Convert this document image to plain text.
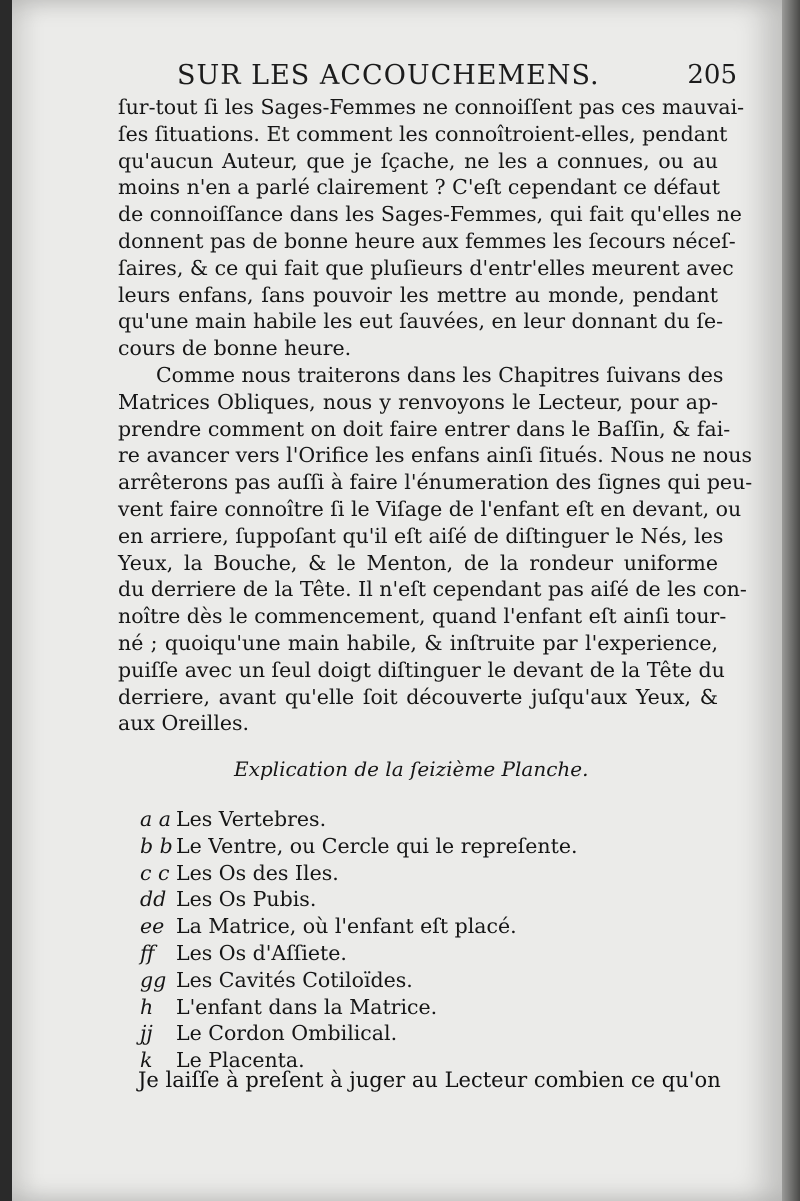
SUR LES ACCOUCHEMENS.	205
ſur-tout ſi les Sages-Femmes ne connoiſſent pas ces mauvai-
ſes ſituations. Et comment les connoîtroient-elles, pendant
qu'aucun Auteur, que je ſçache, ne les a connues, ou au
moins n'en a parlé clairement ? C'eſt cependant ce défaut
de connoiſſance dans les Sages-Femmes, qui fait qu'elles ne
donnent pas de bonne heure aux femmes les ſecours néceſ-
ſaires, & ce qui fait que pluſieurs d'entr'elles meurent avec
leurs enfans, ſans pouvoir les mettre au monde, pendant
qu'une main habile les eut ſauvées, en leur donnant du ſe-
cours de bonne heure.
Comme nous traiterons dans les Chapitres ſuivans des
Matrices Obliques, nous y renvoyons le Lecteur, pour ap-
prendre comment on doit faire entrer dans le Baſſin, & fai-
re avancer vers l'Orifice les enfans ainſi ſitués. Nous ne nous
arrêterons pas auſſi à faire l'énumeration des ſignes qui peu-
vent faire connoître ſi le Viſage de l'enfant eſt en devant, ou
en arriere, ſuppoſant qu'il eſt aiſé de diſtinguer le Nés, les
Yeux, la Bouche, & le Menton, de la rondeur uniforme
du derriere de la Tête. Il n'eſt cependant pas aiſé de les con-
noître dès le commencement, quand l'enfant eſt ainſi tour-
né ; quoiqu'une main habile, & inſtruite par l'experience,
puiſſe avec un ſeul doigt diſtinguer le devant de la Tête du
derriere, avant qu'elle ſoit découverte juſqu'aux Yeux, &
aux Oreilles.
Explication de la ſeizième Planche.
a a Les Vertebres.
b b Le Ventre, ou Cercle qui le repreſente.
c c Les Os des Iles.
dd Les Os Pubis.
ee La Matrice, où l'enfant eſt placé.
ff Les Os d'Aſſiete.
gg Les Cavités Cotiloïdes.
h L'enfant dans la Matrice.
jj Le Cordon Ombilical.
k Le Placenta.
Je laiſſe à preſent à juger au Lecteur combien ce qu'on
